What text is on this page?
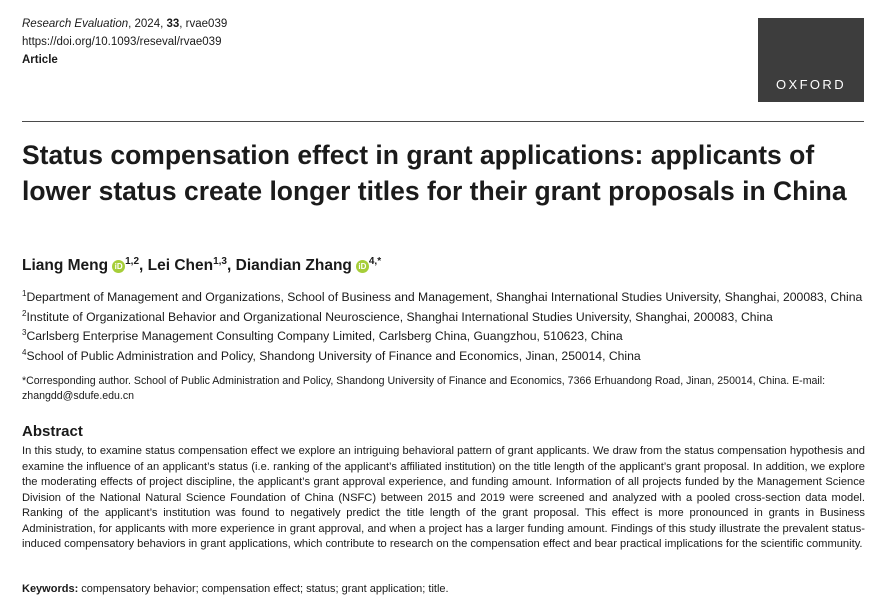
Research Evaluation, 2024, 33, rvae039
https://doi.org/10.1093/reseval/rvae039
Article
OXFORD
Status compensation effect in grant applications: applicants of lower status create longer titles for their grant proposals in China
Liang Meng iD $^{1,2}$, Lei Chen$^{1,3}$, Diandian Zhang iD $^{4,*}$

$^1$Department of Management and Organizations, School of Business and Management, Shanghai International Studies University, Shanghai, 200083, China

$^2$Institute of Organizational Behavior and Organizational Neuroscience, Shanghai International Studies University, Shanghai, 200083, China

$^3$Carlsberg Enterprise Management Consulting Company Limited, Carlsberg China, Guangzhou, 510623, China

$^4$School of Public Administration and Policy, Shandong University of Finance and Economics, Jinan, 250014, China

*Corresponding author. School of Public Administration and Policy, Shandong University of Finance and Economics, 7366 Erhuandong Road, Jinan, 250014, China. E-mail: zhangdd@sdufe.edu.cn
Abstract

In this study, to examine status compensation effect we explore an intriguing behavioral pattern of grant applicants. We draw from the status compensation hypothesis and examine the influence of an applicant’s status (i.e. ranking of the applicant’s affiliated institution) on the title length of the applicant’s grant proposal. In addition, we explore the moderating effects of project discipline, the applicant’s grant approval experience, and funding amount. Information of all projects funded by the Management Science Division of the National Natural Science Foundation of China (NSFC) between 2015 and 2019 were screened and analyzed with a pooled cross-section data model. Ranking of the applicant’s institution was found to negatively predict the title length of the grant proposal. This effect is more pronounced in grants in Business Administration, for applicants with more experience in grant approval, and when a project has a larger funding amount. Findings of this study illustrate the prevalent status-induced compensatory behaviors in grant applications, which contribute to research on the compensation effect and bear practical implications for the scientific community.

Keywords: compensatory behavior; compensation effect; status; grant application; title.
